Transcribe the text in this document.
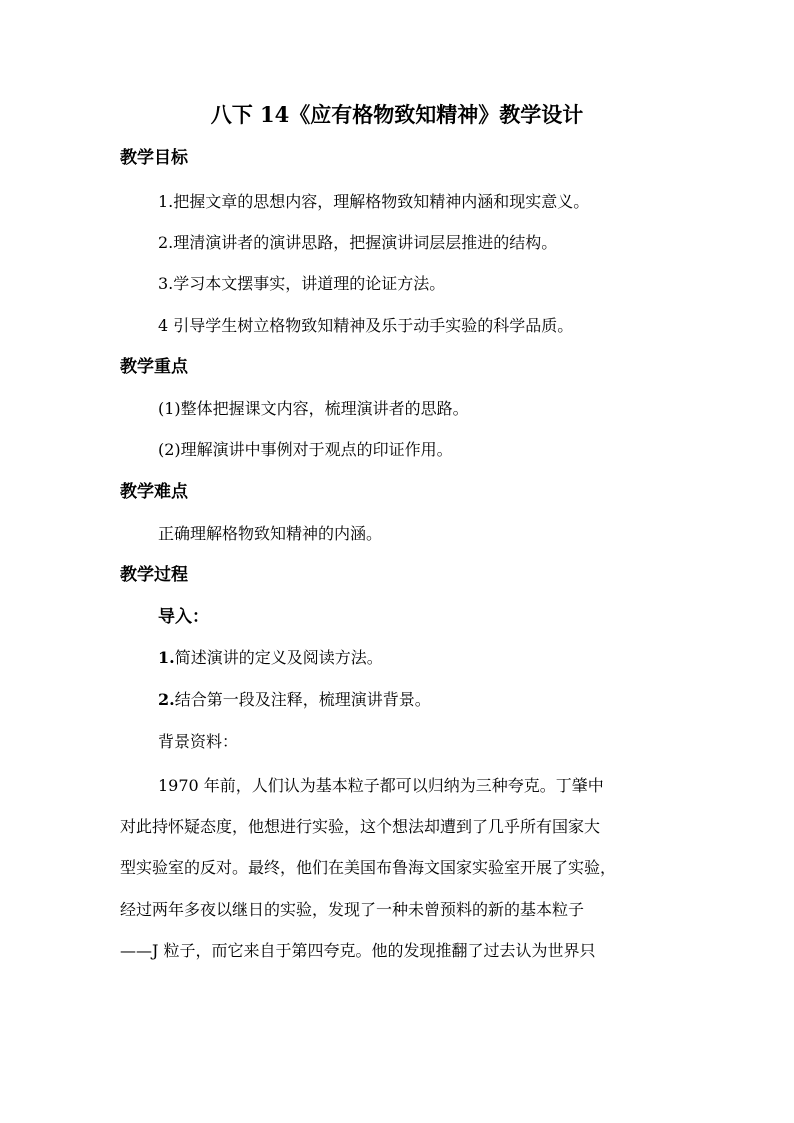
八下 14《应有格物致知精神》教学设计
教学目标
1.把握文章的思想内容，理解格物致知精神内涵和现实意义。
2.理清演讲者的演讲思路，把握演讲词层层推进的结构。
3.学习本文摆事实，讲道理的论证方法。
4 引导学生树立格物致知精神及乐于动手实验的科学品质。
教学重点
(1)整体把握课文内容，梳理演讲者的思路。
(2)理解演讲中事例对于观点的印证作用。
教学难点
正确理解格物致知精神的内涵。
教学过程
导入：
1.简述演讲的定义及阅读方法。
2.结合第一段及注释，梳理演讲背景。
背景资料：
1970 年前，人们认为基本粒子都可以归纳为三种夸克。丁肇中
对此持怀疑态度，他想进行实验，这个想法却遭到了几乎所有国家大
型实验室的反对。最终，他们在美国布鲁海文国家实验室开展了实验，
经过两年多夜以继日的实验，发现了一种未曾预料的新的基本粒子
——J 粒子，而它来自于第四夸克。他的发现推翻了过去认为世界只
